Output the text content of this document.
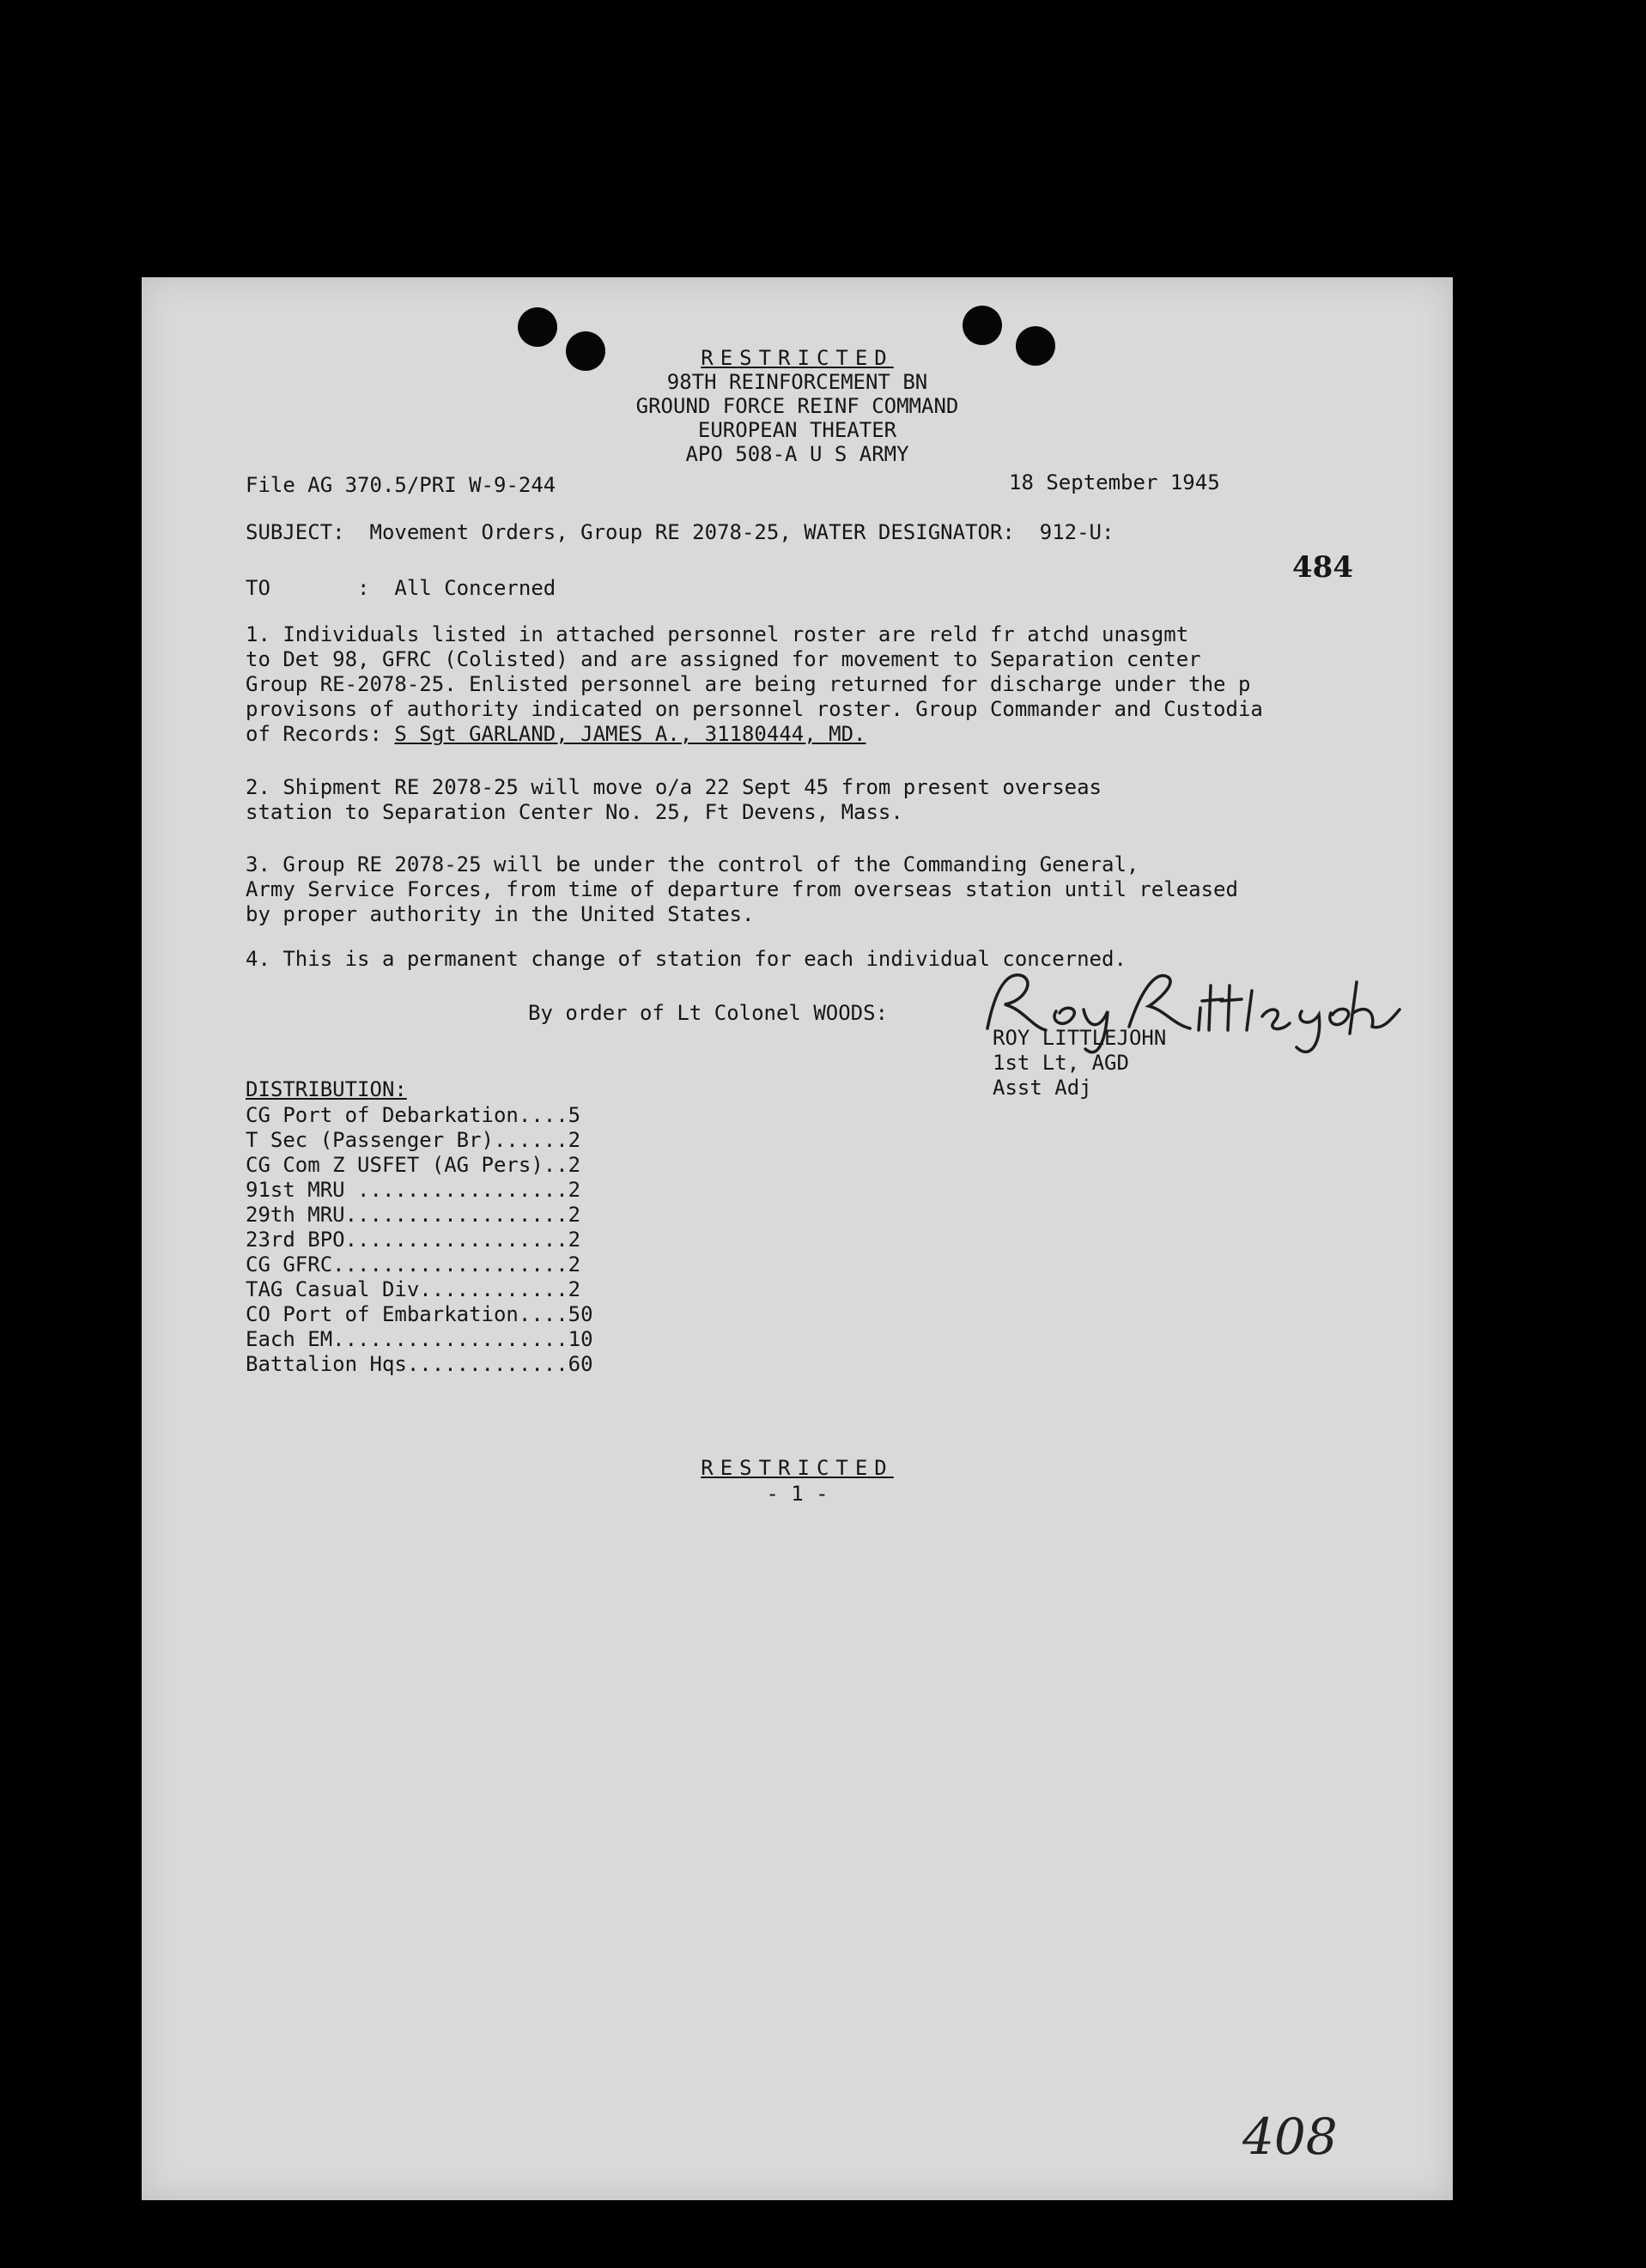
RESTRICTED
98TH REINFORCEMENT BN
GROUND FORCE REINF COMMAND
EUROPEAN THEATER
APO 508-A U S ARMY
File AG 370.5/PRI W-9-244	18 September 1945
SUBJECT:  Movement Orders, Group RE 2078-25, WATER DESIGNATOR:  912-U:
484
TO       :  All Concerned
1. Individuals listed in attached personnel roster are reld fr atchd unasgmt
to Det 98, GFRC (Colisted) and are assigned for movement to Separation center
Group RE-2078-25. Enlisted personnel are being returned for discharge under the p
provisons of authority indicated on personnel roster. Group Commander and Custodia
of Records: S Sgt GARLAND, JAMES A., 31180444, MD.
2. Shipment RE 2078-25 will move o/a 22 Sept 45 from present overseas
station to Separation Center No. 25, Ft Devens, Mass.
3. Group RE 2078-25 will be under the control of the Commanding General,
Army Service Forces, from time of departure from overseas station until released
by proper authority in the United States.
4. This is a permanent change of station for each individual concerned.
By order of Lt Colonel WOODS:
ROY LITTLEJOHN
1st Lt, AGD
Asst Adj
DISTRIBUTION:
CG Port of Debarkation....5
T Sec (Passenger Br)......2
CG Com Z USFET (AG Pers)..2
91st MRU .................2
29th MRU..................2
23rd BPO..................2
CG GFRC...................2
TAG Casual Div............2
CO Port of Embarkation....50
Each EM...................10
Battalion Hqs.............60
RESTRICTED
- 1 -
408
